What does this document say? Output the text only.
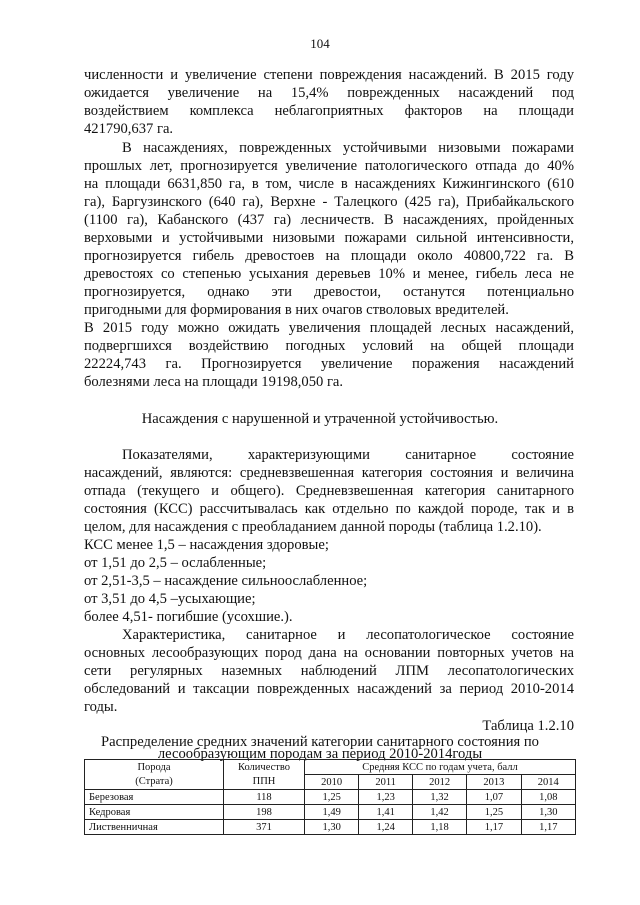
104
численности и увеличение степени повреждения насаждений. В 2015 году
ожидается увеличение на 15,4% поврежденных насаждений под
воздействием комплекса неблагоприятных факторов на площади
421790,637 га.
В насаждениях, поврежденных устойчивыми низовыми пожарами
прошлых лет, прогнозируется увеличение патологического отпада до 40%
на площади 6631,850 га, в том, числе в насаждениях Кижингинского (610
га), Баргузинского (640 га), Верхне - Талецкого (425 га), Прибайкальского
(1100 га), Кабанского (437 га) лесничеств. В насаждениях, пройденных
верховыми и устойчивыми низовыми пожарами сильной интенсивности,
прогнозируется гибель древостоев на площади около 40800,722 га. В
древостоях со степенью усыхания деревьев 10% и менее, гибель леса не
прогнозируется, однако эти древостои, останутся потенциально
пригодными для формирования в них очагов стволовых вредителей.
В 2015 году можно ожидать увеличения площадей лесных насаждений,
подвергшихся воздействию погодных условий на общей площади
22224,743 га. Прогнозируется увеличение поражения насаждений
болезнями леса на площади 19198,050 га.
Насаждения с нарушенной и утраченной устойчивостью.
Показателями, характеризующими санитарное состояние
насаждений, являются: средневзвешенная категория состояния и величина
отпада (текущего и общего). Средневзвешенная категория санитарного
состояния (КСС) рассчитывалась как отдельно по каждой породе, так и в
целом, для насаждения с преобладанием данной породы (таблица 1.2.10).
КСС менее 1,5 – насаждения здоровые;
от 1,51 до 2,5 – ослабленные;
от 2,51-3,5 – насаждение сильноослабленное;
от 3,51 до 4,5 –усыхающие;
более 4,51- погибшие (усохшие.).
Характеристика, санитарное и лесопатологическое состояние
основных лесообразующих пород дана на основании повторных учетов на
сети регулярных наземных наблюдений ЛПМ лесопатологических
обследований и таксации поврежденных насаждений за период 2010-2014
годы.
Таблица 1.2.10
Распределение средних значений категории санитарного состояния по
лесообразующим породам за период 2010-2014годы
Порода	Количество	Средняя КСС по годам учета, балл				
(Страта)	ППН	2010	2011	2012	2013	2014
Березовая	118	1,25	1,23	1,32	1,07	1,08
Кедровая	198	1,49	1,41	1,42	1,25	1,30
Лиственничная	371	1,30	1,24	1,18	1,17	1,17
